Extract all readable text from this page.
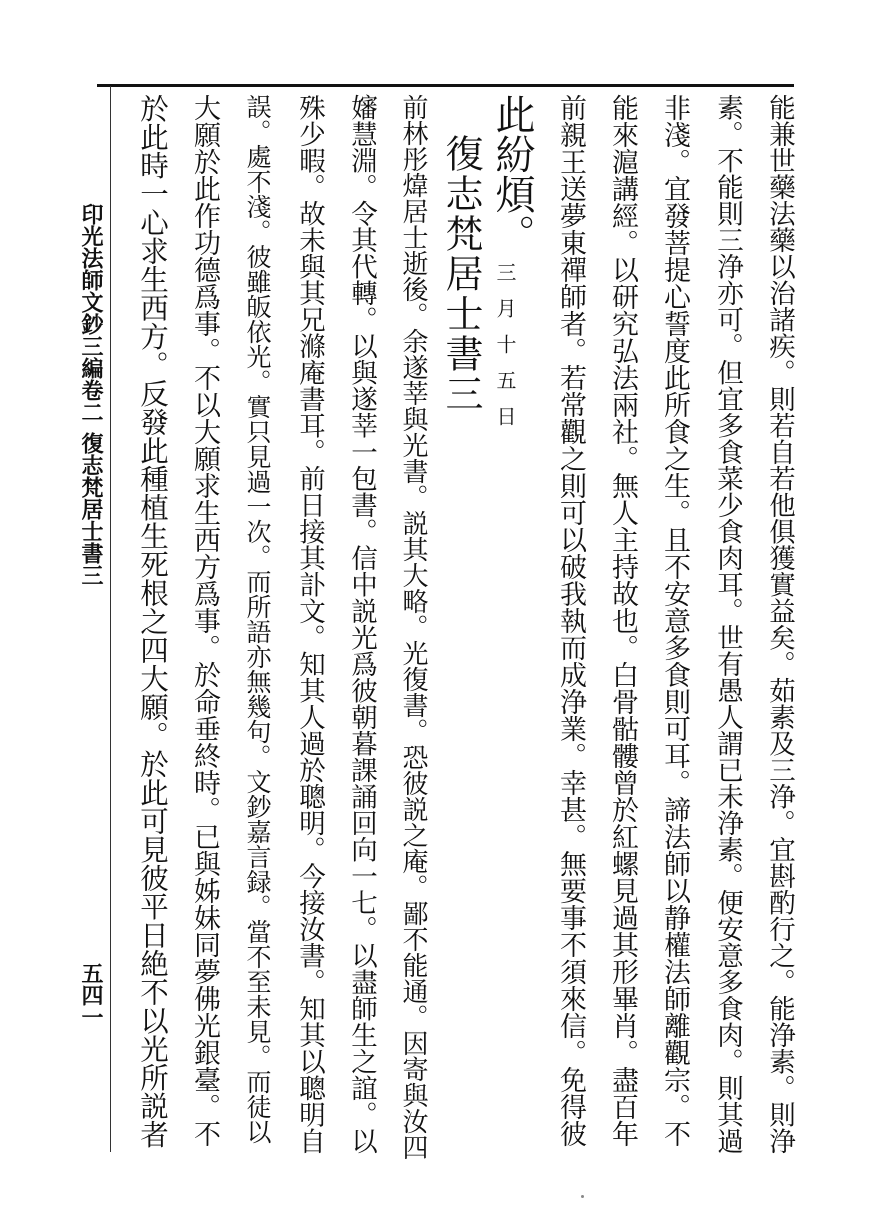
能兼世藥法藥以治諸疾。則若自若他俱獲實益矣。茹素及三浄。宜斟酌行之。能浄素。則浄
素。不能則三浄亦可。但宜多食菜少食肉耳。世有愚人謂已未浄素。便安意多食肉。則其過
非淺。宜發菩提心誓度此所食之生。且不安意多食則可耳。諦法師以静權法師離觀宗。不
能來滬講經。以研究弘法兩社。無人主持故也。白骨骷髏曾於紅螺見過其形畢肖。盡百年
前親王送夢東禪師者。若常觀之則可以破我執而成浄業。幸甚。無要事不須來信。免得彼
此紛煩。
三月十五日
復志梵居士書三
前林彤煒居士逝後。余遂莘與光書。説其大略。光復書。恐彼説之庵。鄙不能通。因寄與汝四
嬸慧淵。令其代轉。以與遂莘一包書。信中説光爲彼朝暮課誦回向一七。以盡師生之誼。以
殊少暇。故未與其兄滌庵書耳。前日接其訃文。知其人過於聰明。今接汝書。知其以聰明自
誤。處不淺。彼雖皈依光。實只見過一次。而所語亦無幾句。文鈔嘉言録。當不至未見。而徒以
大願於此作功德爲事。不以大願求生西方爲事。於命垂終時。已與姊妹同夢佛光銀臺。不
於此時一心求生西方。反發此種植生死根之四大願。於此可見彼平日絶不以光所説者
印光法師文鈔三編卷二
復志梵居士書三
五四一
